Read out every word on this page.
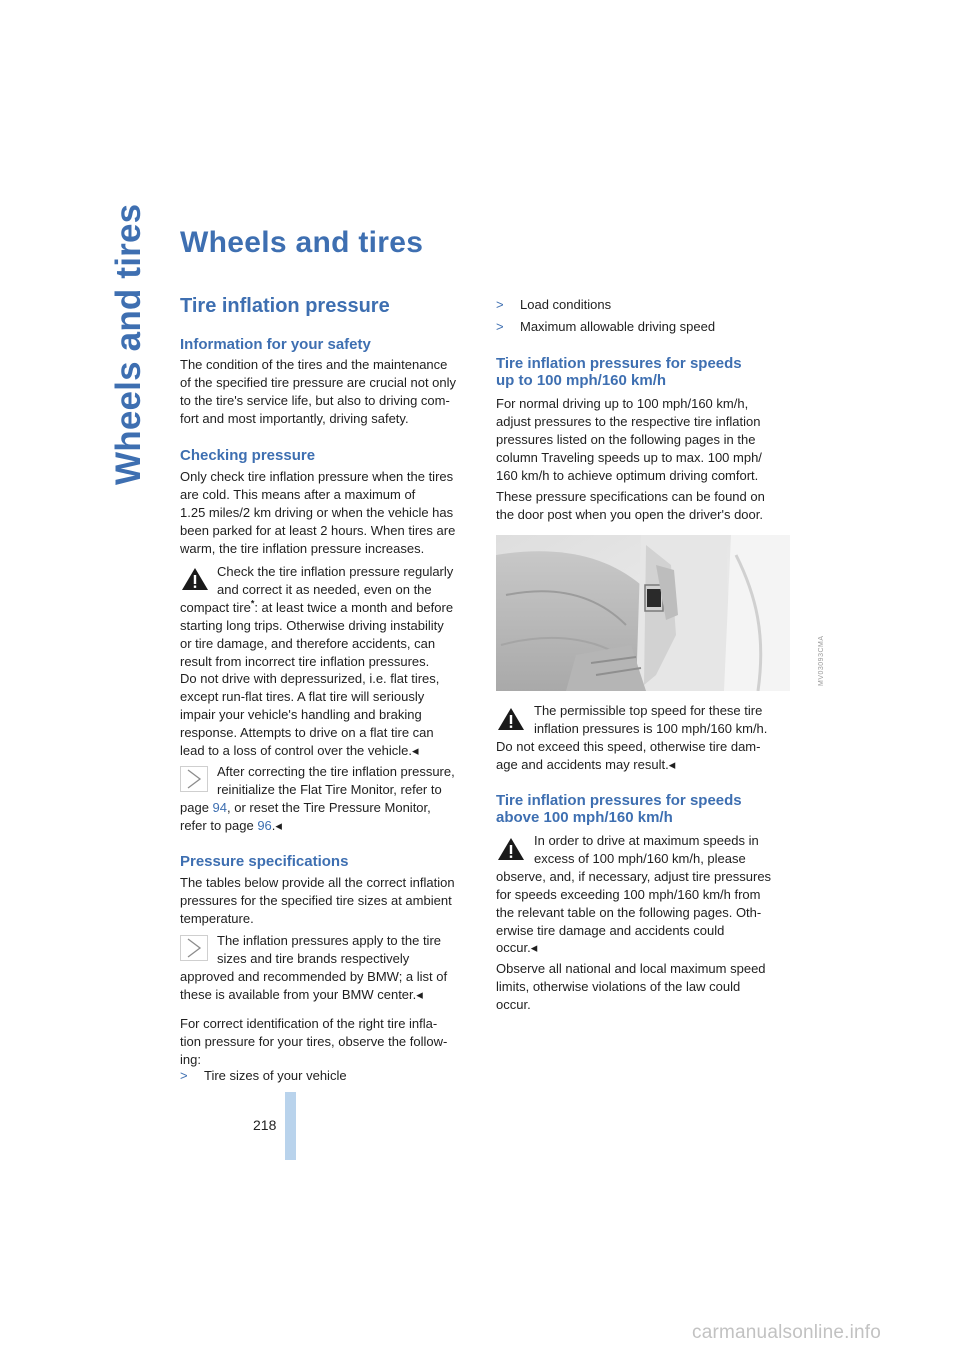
Wheels and tires	Wheels and tires
Tire inflation pressure
Information for your safety
The condition of the tires and the maintenance
of the specified tire pressure are crucial not only
to the tire's service life, but also to driving com-
fort and most importantly, driving safety.
Checking pressure
Only check tire inflation pressure when the tires
are cold. This means after a maximum of
1.25 miles/2 km driving or when the vehicle has
been parked for at least 2 hours. When tires are
warm, the tire inflation pressure increases.
Check the tire inflation pressure regularly
and correct it as needed, even on the
compact tire*: at least twice a month and before
starting long trips. Otherwise driving instability
or tire damage, and therefore accidents, can
result from incorrect tire inflation pressures.
Do not drive with depressurized, i.e. flat tires,
except run-flat tires. A flat tire will seriously
impair your vehicle's handling and braking
response. Attempts to drive on a flat tire can
lead to a loss of control over the vehicle.◂
After correcting the tire inflation pressure,
reinitialize the Flat Tire Monitor, refer to
page 94, or reset the Tire Pressure Monitor,
refer to page 96.◂
Pressure specifications
The tables below provide all the correct inflation
pressures for the specified tire sizes at ambient
temperature.
The inflation pressures apply to the tire
sizes and tire brands respectively
approved and recommended by BMW; a list of
these is available from your BMW center.◂
For correct identification of the right tire infla-
tion pressure for your tires, observe the follow-
ing:
> Tire sizes of your vehicle
> Load conditions
> Maximum allowable driving speed
Tire inflation pressures for speeds
up to 100 mph/160 km/h
For normal driving up to 100 mph/160 km/h,
adjust pressures to the respective tire inflation
pressures listed on the following pages in the
column Traveling speeds up to max. 100 mph/
160 km/h to achieve optimum driving comfort.
These pressure specifications can be found on
the door post when you open the driver's door.
MV03093CMA
The permissible top speed for these tire
inflation pressures is 100 mph/160 km/h.
Do not exceed this speed, otherwise tire dam-
age and accidents may result.◂
Tire inflation pressures for speeds
above 100 mph/160 km/h
In order to drive at maximum speeds in
excess of 100 mph/160 km/h, please
observe, and, if necessary, adjust tire pressures
for speeds exceeding 100 mph/160 km/h from
the relevant table on the following pages. Oth-
erwise tire damage and accidents could
occur.◂
Observe all national and local maximum speed
limits, otherwise violations of the law could
occur.
218
carmanualsonline.info
